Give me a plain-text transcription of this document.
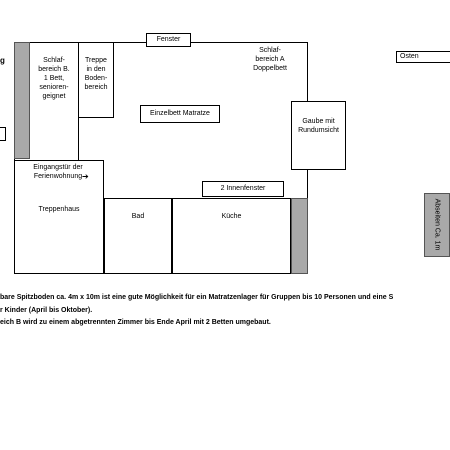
g
Fenster
Schlaf-
bereich B.
1 Bett,
senioren-
geignet
Treppe
in den
Boden-
bereich
Schlaf-
bereich A
Doppelbett
Einzelbett Matratze
Gaube mit
Rundumsicht
Eingangstür der
Ferienwohnung ➔
Treppenhaus
2 Innenfenster
Bad	Küche
Osten
Abseiten Ca. 1m
bare Spitzboden ca. 4m x 10m ist eine gute Möglichkeit für ein Matratzenlager für Gruppen bis 10 Personen und eine S
r Kinder (April bis Oktober).
eich B wird zu einem abgetrennten Zimmer bis Ende April mit 2 Betten umgebaut.
